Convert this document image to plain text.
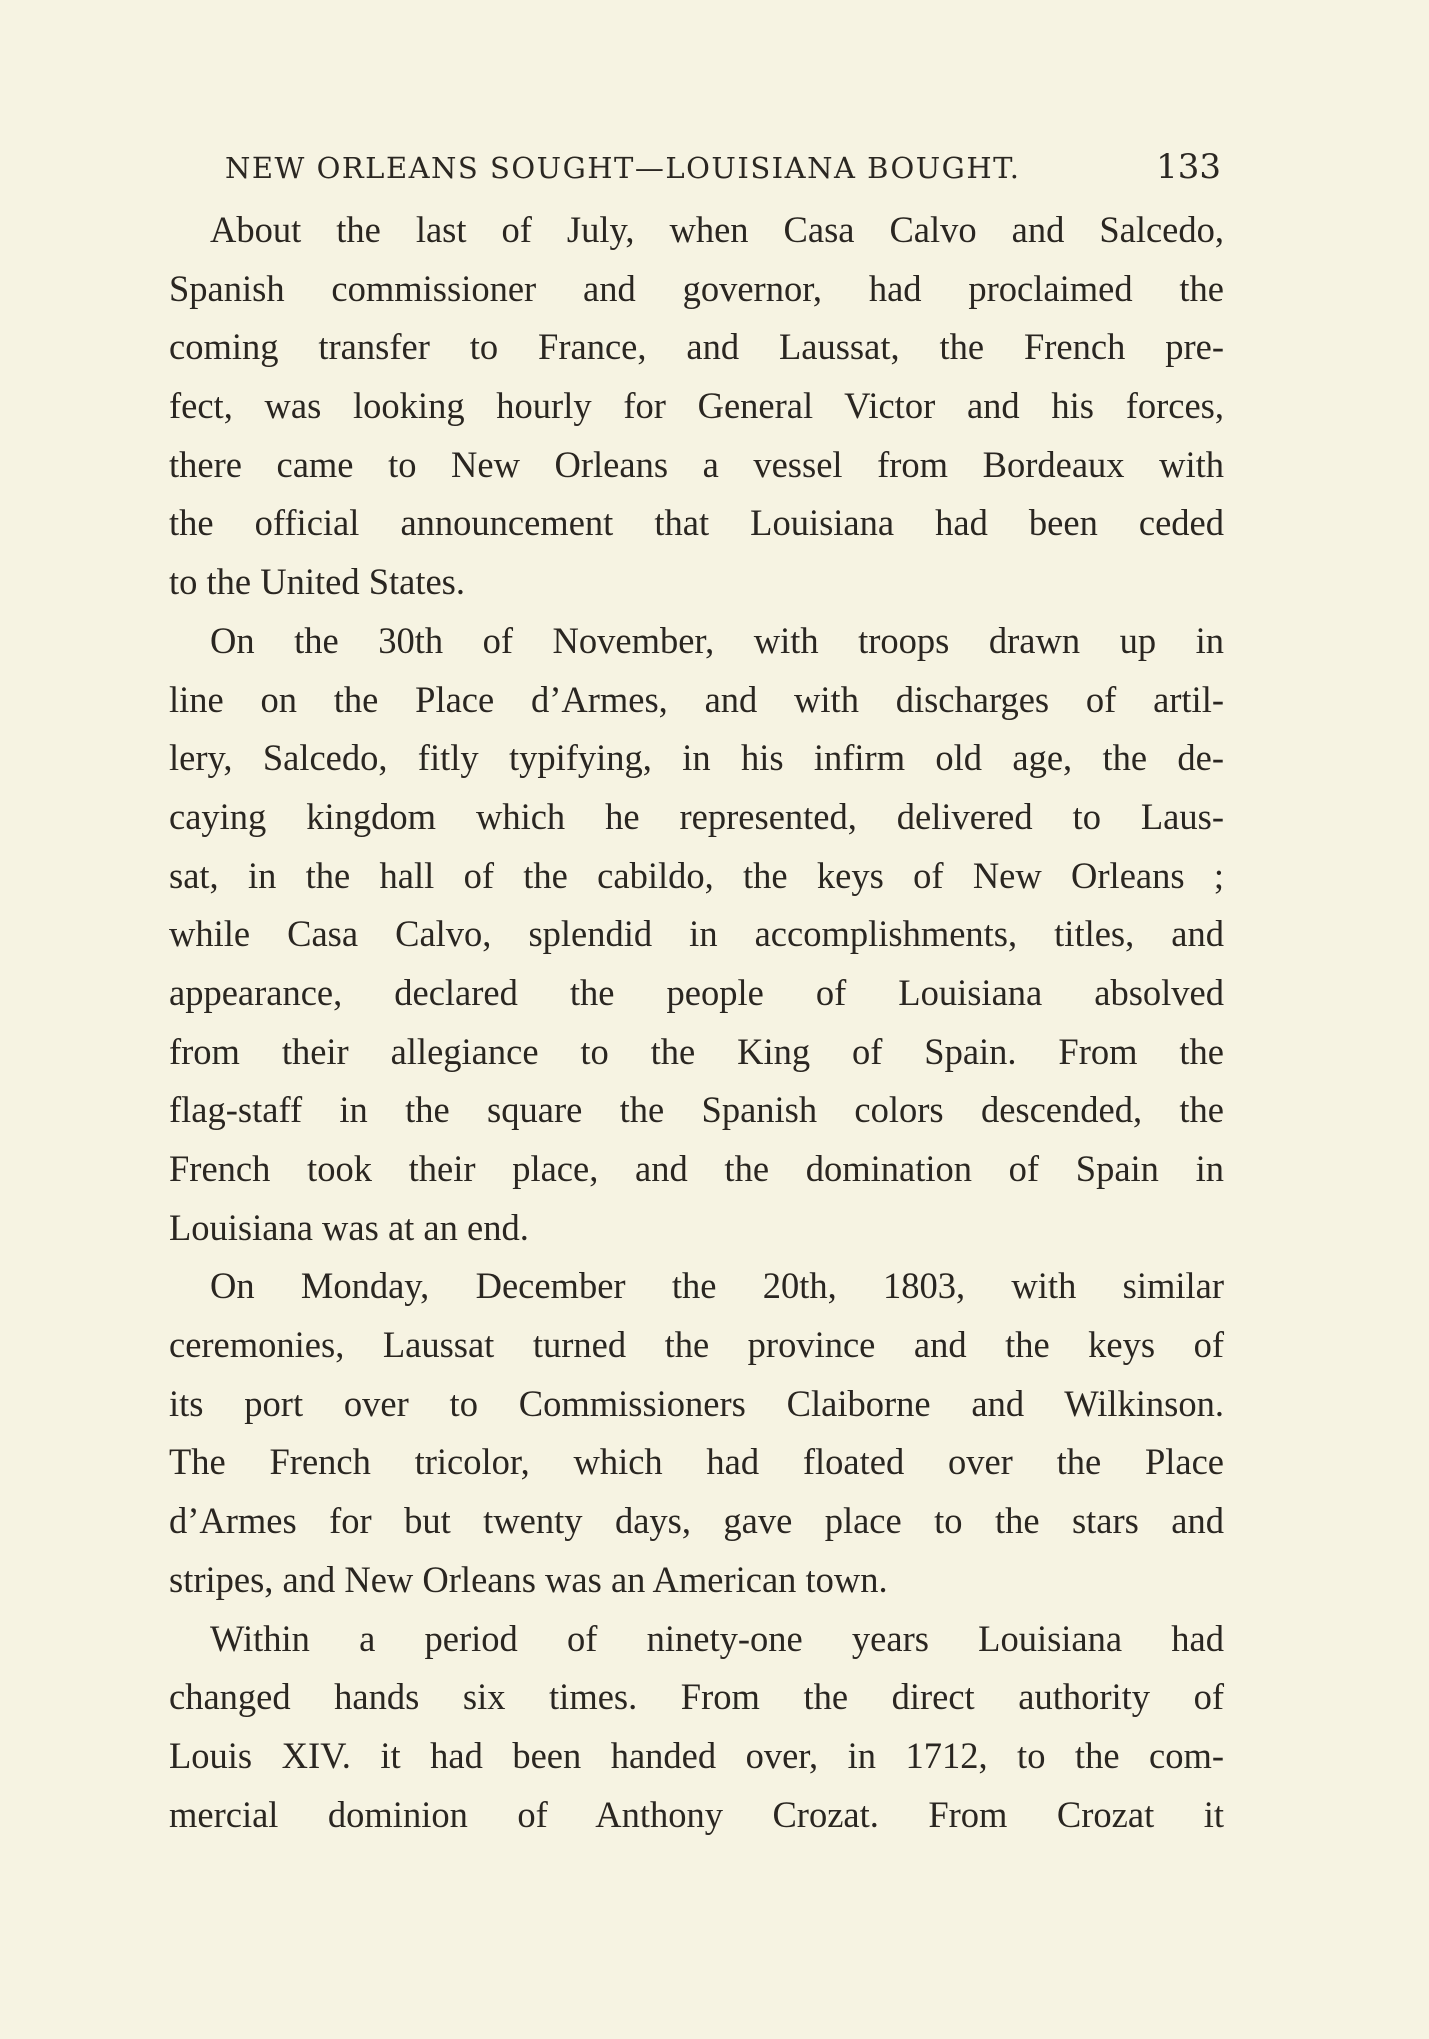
NEW ORLEANS SOUGHT—LOUISIANA BOUGHT.	133

About the last of July, when Casa Calvo and Salcedo,
Spanish commissioner and governor, had proclaimed the
coming transfer to France, and Laussat, the French pre-
fect, was looking hourly for General Victor and his forces,
there came to New Orleans a vessel from Bordeaux with
the official announcement that Louisiana had been ceded
to the United States.

On the 30th of November, with troops drawn up in
line on the Place d’Armes, and with discharges of artil-
lery, Salcedo, fitly typifying, in his infirm old age, the de-
caying kingdom which he represented, delivered to Laus-
sat, in the hall of the cabildo, the keys of New Orleans ;
while Casa Calvo, splendid in accomplishments, titles, and
appearance, declared the people of Louisiana absolved
from their allegiance to the King of Spain. From the
flag-staff in the square the Spanish colors descended, the
French took their place, and the domination of Spain in
Louisiana was at an end.

On Monday, December the 20th, 1803, with similar
ceremonies, Laussat turned the province and the keys of
its port over to Commissioners Claiborne and Wilkinson.
The French tricolor, which had floated over the Place
d’Armes for but twenty days, gave place to the stars and
stripes, and New Orleans was an American town.

Within a period of ninety-one years Louisiana had
changed hands six times. From the direct authority of
Louis XIV. it had been handed over, in 1712, to the com-
mercial dominion of Anthony Crozat. From Crozat it
